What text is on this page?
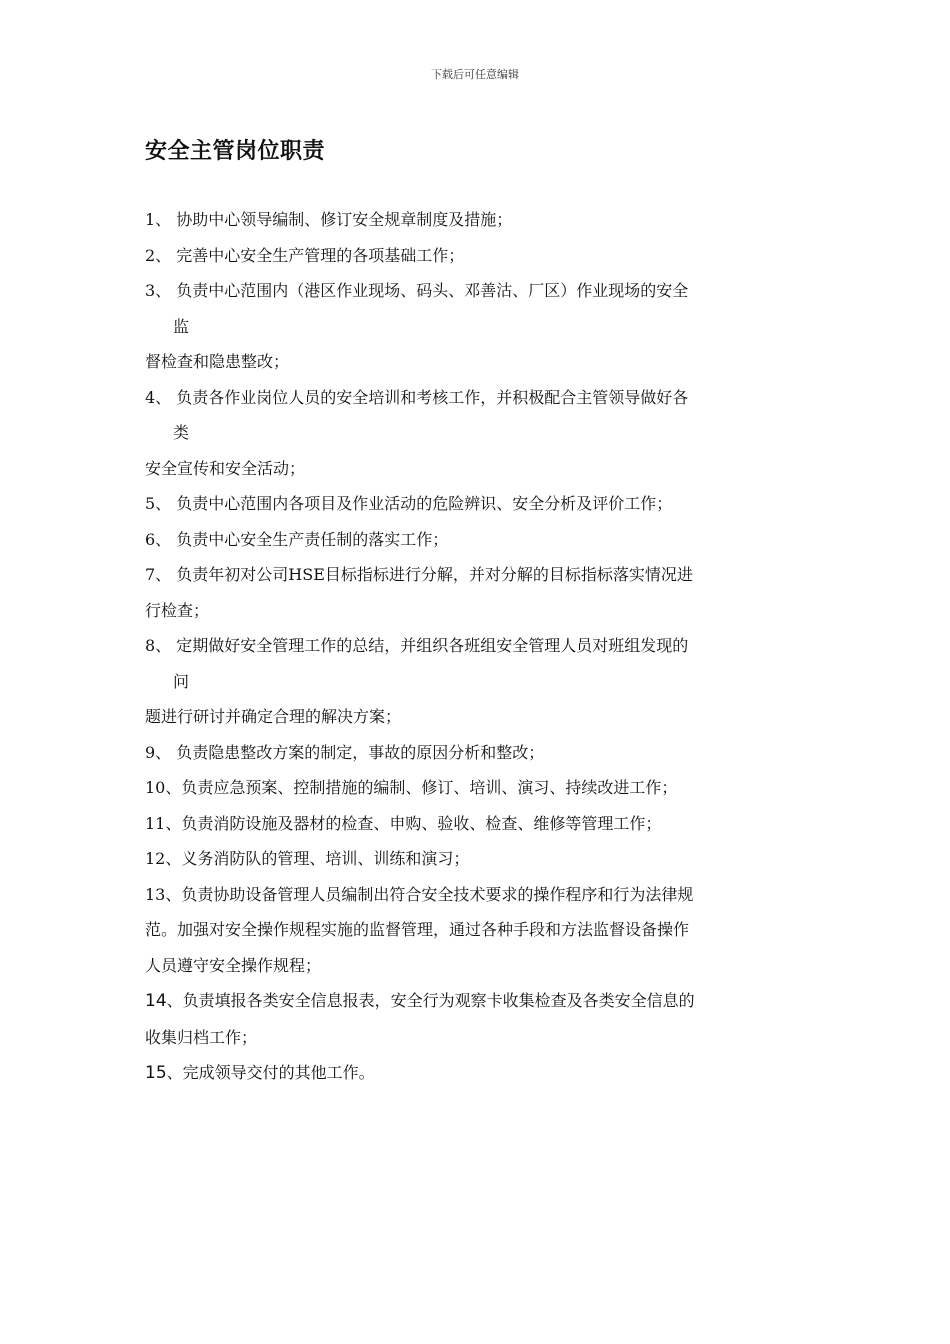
下载后可任意编辑
安全主管岗位职责
1、 协助中心领导编制、修订安全规章制度及措施；
2、 完善中心安全生产管理的各项基础工作；
3、 负责中心范围内（港区作业现场、码头、邓善沽、厂区）作业现场的安全
监
督检查和隐患整改；
4、 负责各作业岗位人员的安全培训和考核工作，并积极配合主管领导做好各
类
安全宣传和安全活动；
5、 负责中心范围内各项目及作业活动的危险辨识、安全分析及评价工作；
6、 负责中心安全生产责任制的落实工作；
7、 负责年初对公司HSE目标指标进行分解，并对分解的目标指标落实情况进
行检查；
8、 定期做好安全管理工作的总结，并组织各班组安全管理人员对班组发现的
问
题进行研讨并确定合理的解决方案；
9、 负责隐患整改方案的制定，事故的原因分析和整改；
10、负责应急预案、控制措施的编制、修订、培训、演习、持续改进工作；
11、负责消防设施及器材的检查、申购、验收、检查、维修等管理工作；
12、义务消防队的管理、培训、训练和演习；
13、负责协助设备管理人员编制出符合安全技术要求的操作程序和行为法律规
范。加强对安全操作规程实施的监督管理，通过各种手段和方法监督设备操作
人员遵守安全操作规程；
14、负责填报各类安全信息报表，安全行为观察卡收集检查及各类安全信息的
收集归档工作；
15、完成领导交付的其他工作。
